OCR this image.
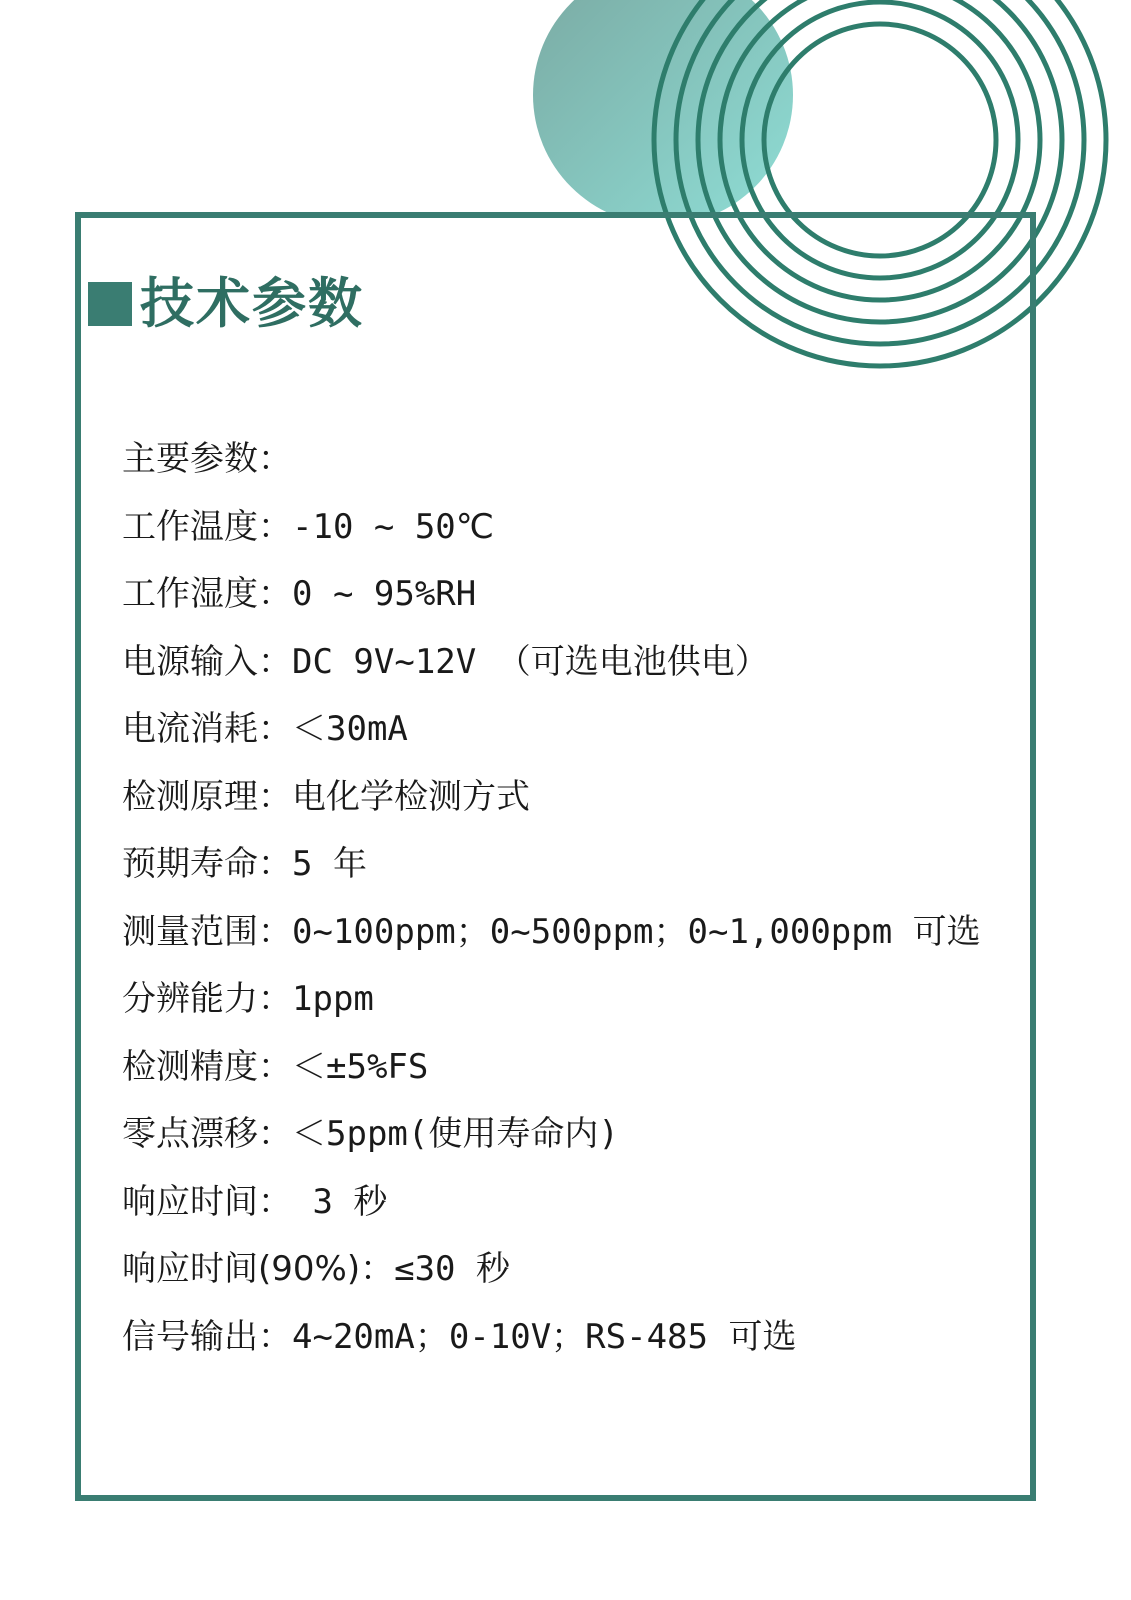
技术参数
主要参数：
工作温度：-10 ~ 50℃
工作湿度：0 ~ 95%RH
电源输入：DC 9V~12V （可选电池供电）
电流消耗：＜30mA
检测原理：电化学检测方式
预期寿命：5 年
测量范围：0~100ppm；0~500ppm；0~1,000ppm 可选
分辨能力：1ppm
检测精度：＜±5%FS
零点漂移：＜5ppm(使用寿命内)
响应时间： 3 秒
响应时间(90%)：≤30 秒
信号输出：4~20mA；0-10V；RS-485 可选
